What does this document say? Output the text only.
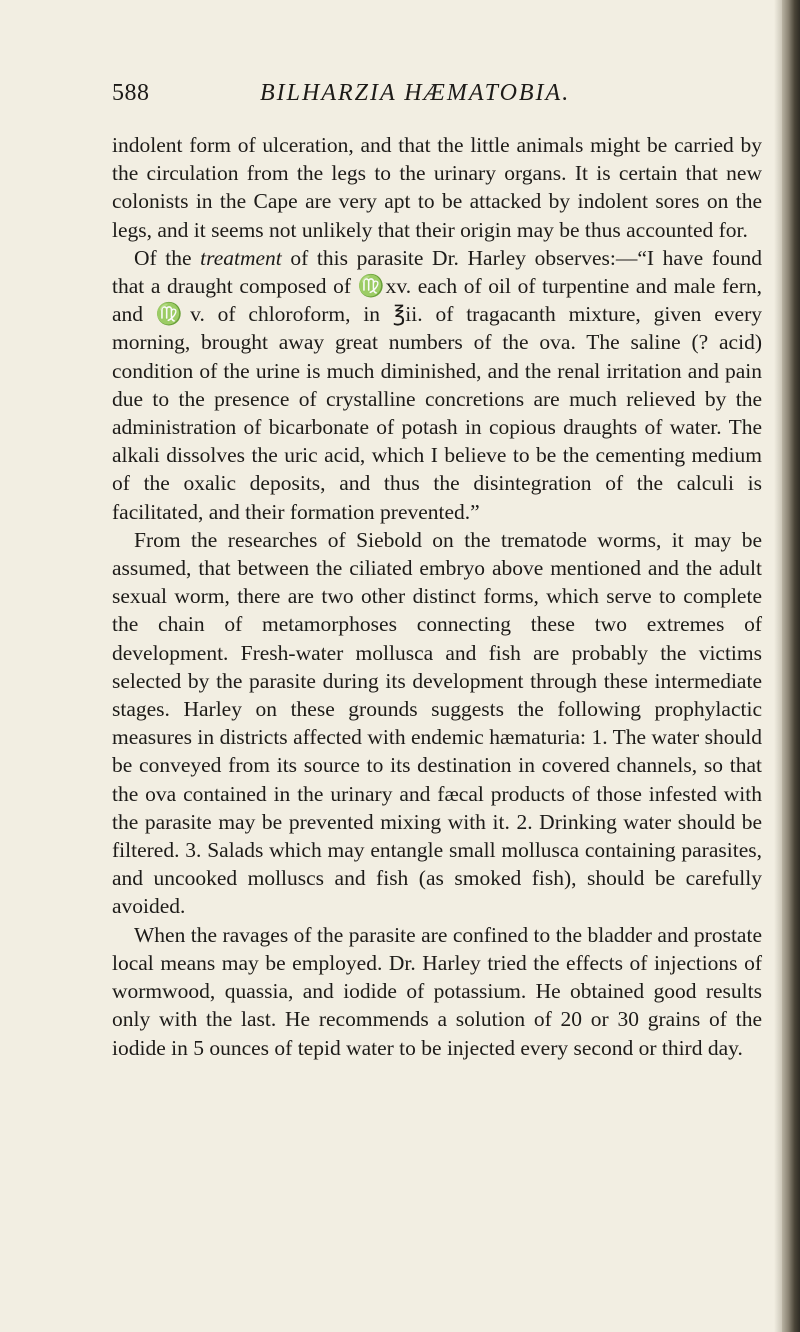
588	BILHARZIA HÆMATOBIA.

indolent form of ulceration, and that the little animals might be carried by the circulation from the legs to the urinary organs. It is certain that new colonists in the Cape are very apt to be attacked by indolent sores on the legs, and it seems not unlikely that their origin may be thus accounted for.

Of the treatment of this parasite Dr. Harley observes:—“I have found that a draught composed of ♍xv. each of oil of turpentine and male fern, and ♍v. of chloroform, in ℥ii. of tragacanth mixture, given every morning, brought away great numbers of the ova. The saline (? acid) condition of the urine is much diminished, and the renal irritation and pain due to the presence of crystalline concretions are much relieved by the administration of bicarbonate of potash in copious draughts of water. The alkali dissolves the uric acid, which I believe to be the cementing medium of the oxalic deposits, and thus the disintegration of the calculi is facilitated, and their formation prevented.”

From the researches of Siebold on the trematode worms, it may be assumed, that between the ciliated embryo above mentioned and the adult sexual worm, there are two other distinct forms, which serve to complete the chain of metamorphoses connecting these two extremes of development. Fresh-water mollusca and fish are probably the victims selected by the parasite during its development through these intermediate stages. Harley on these grounds suggests the following prophylactic measures in districts affected with endemic hæmaturia: 1. The water should be conveyed from its source to its destination in covered channels, so that the ova contained in the urinary and fæcal products of those infested with the parasite may be prevented mixing with it. 2. Drinking water should be filtered. 3. Salads which may entangle small mollusca containing parasites, and uncooked molluscs and fish (as smoked fish), should be carefully avoided.

When the ravages of the parasite are confined to the bladder and prostate local means may be employed. Dr. Harley tried the effects of injections of wormwood, quassia, and iodide of potassium. He obtained good results only with the last. He recommends a solution of 20 or 30 grains of the iodide in 5 ounces of tepid water to be injected every second or third day.
